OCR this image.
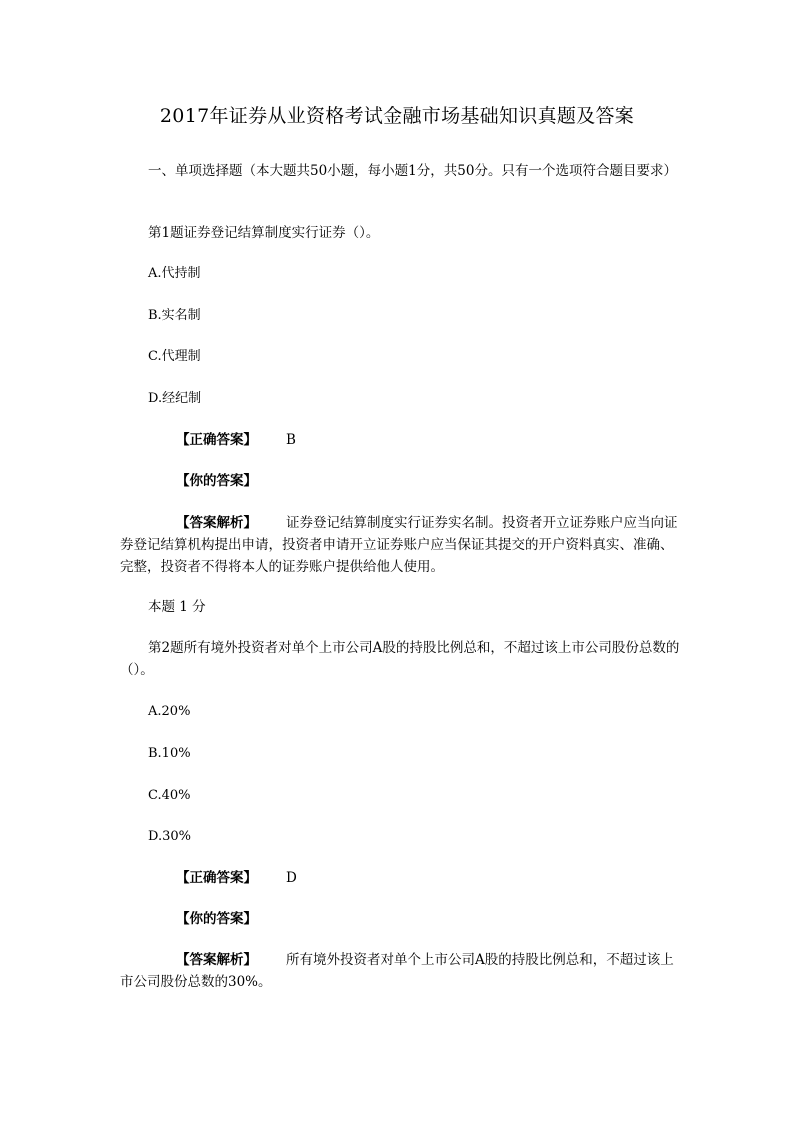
2017年证券从业资格考试金融市场基础知识真题及答案

一、单项选择题（本大题共50小题，每小题1分，共50分。只有一个选项符合题目要求）

第1题证券登记结算制度实行证券（）。

A.代持制

B.实名制

C.代理制

D.经纪制

【正确答案】 B

【你的答案】

【答案解析】 证券登记结算制度实行证券实名制。投资者开立证券账户应当向证券登记结算机构提出申请，投资者申请开立证券账户应当保证其提交的开户资料真实、准确、完整，投资者不得将本人的证券账户提供给他人使用。

本题 1 分

第2题所有境外投资者对单个上市公司A股的持股比例总和，不超过该上市公司股份总数的（）。

A.20%

B.10%

C.40%

D.30%

【正确答案】 D

【你的答案】

【答案解析】 所有境外投资者对单个上市公司A股的持股比例总和，不超过该上市公司股份总数的30%。
